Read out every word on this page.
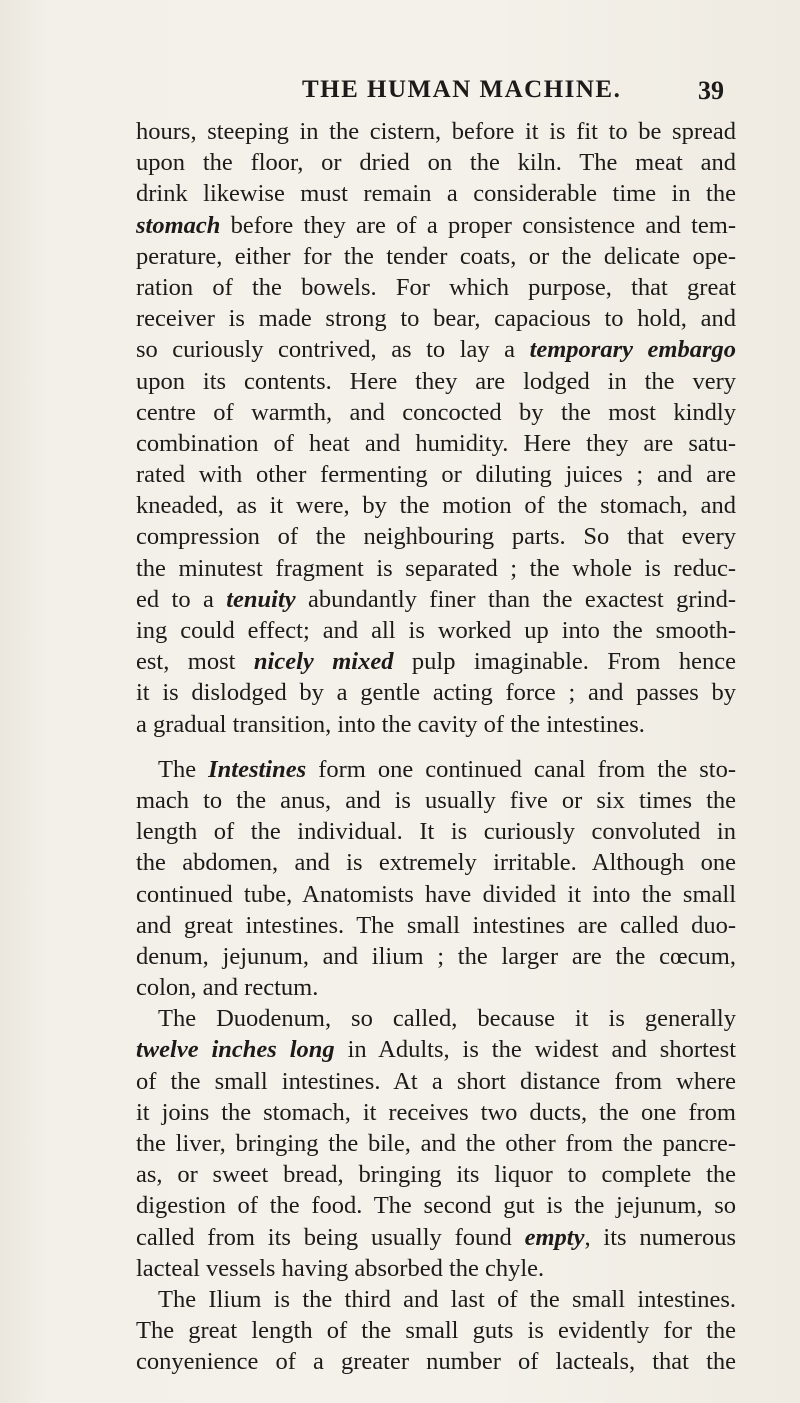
THE HUMAN MACHINE.	39
hours, steeping in the cistern, before it is fit to be spread
upon the floor, or dried on the kiln. The meat and
drink likewise must remain a considerable time in the
stomach before they are of a proper consistence and tem-
perature, either for the tender coats, or the delicate ope-
ration of the bowels. For which purpose, that great
receiver is made strong to bear, capacious to hold, and
so curiously contrived, as to lay a temporary embargo
upon its contents. Here they are lodged in the very
centre of warmth, and concocted by the most kindly
combination of heat and humidity. Here they are satu-
rated with other fermenting or diluting juices ; and are
kneaded, as it were, by the motion of the stomach, and
compression of the neighbouring parts. So that every
the minutest fragment is separated ; the whole is reduc-
ed to a tenuity abundantly finer than the exactest grind-
ing could effect; and all is worked up into the smooth-
est, most nicely mixed pulp imaginable. From hence
it is dislodged by a gentle acting force ; and passes by
a gradual transition, into the cavity of the intestines.
The Intestines form one continued canal from the sto-
mach to the anus, and is usually five or six times the
length of the individual. It is curiously convoluted in
the abdomen, and is extremely irritable. Although one
continued tube, Anatomists have divided it into the small
and great intestines. The small intestines are called duo-
denum, jejunum, and ilium ; the larger are the cœcum,
colon, and rectum.
The Duodenum, so called, because it is generally
twelve inches long in Adults, is the widest and shortest
of the small intestines. At a short distance from where
it joins the stomach, it receives two ducts, the one from
the liver, bringing the bile, and the other from the pancre-
as, or sweet bread, bringing its liquor to complete the
digestion of the food. The second gut is the jejunum, so
called from its being usually found empty, its numerous
lacteal vessels having absorbed the chyle.
The Ilium is the third and last of the small intestines.
The great length of the small guts is evidently for the
conyenience of a greater number of lacteals, that the
